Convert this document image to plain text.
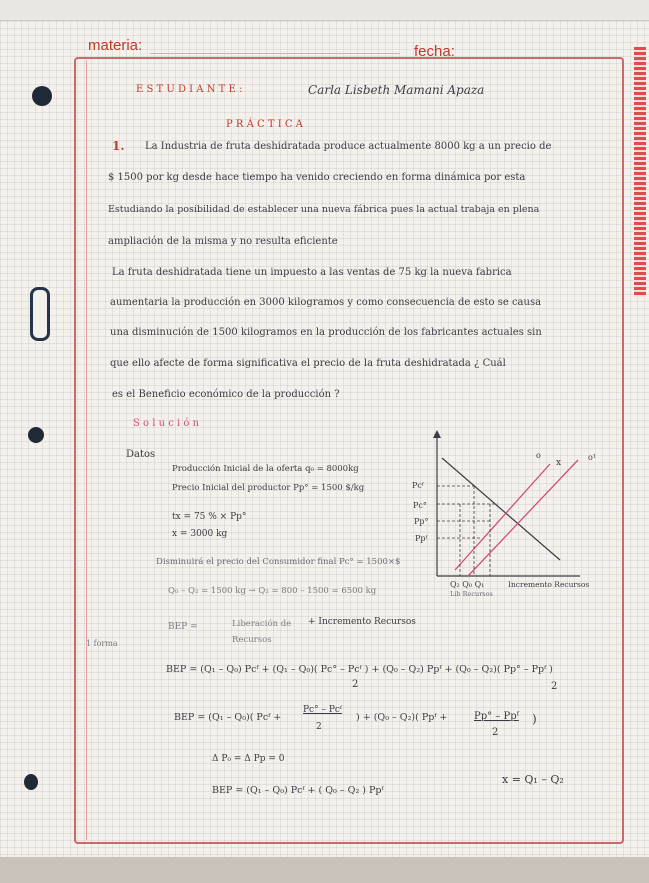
materia:	fecha:
E S T U D I A N T E :	Carla Lisbeth Mamani Apaza
P R Á C T I C A
1. La Industria de fruta deshidratada produce actualmente 8000 kg a un precio de
$ 1500 por kg desde hace tiempo ha venido creciendo en forma dinámica por esta
Estudiando la posibilidad de establecer una nueva fábrica pues la actual trabaja en plena
ampliación de la misma y no resulta eficiente
La fruta deshidratada tiene un impuesto a las ventas de 75 kg la nueva fabrica
aumentaria la producción en 3000 kilogramos y como consecuencia de esto se causa
una disminución de 1500 kilogramos en la producción de los fabricantes actuales sin
que ello afecte de forma significativa el precio de la fruta deshidratada ¿ Cuál
es el Beneficio económico de la producción ?
S o l u c i ó n
Datos
Producción Inicial de la oferta q₀ = 8000kg
Precio Inicial del productor Pp° = 1500 $/kg
tx = 75 % × Pp°
x = 3000 kg
Disminuirá el precio del Consumidor final Pc° = 1500×$
Q₀ – Q₂ = 1500 kg → Q₂ = 800 – 1500 = 6500 kg
BEP =	Liberación de Recursos
+ Incremento Recursos
1 forma
BEP = (Q₁ – Q₀) Pcᶠ + (Q₁ – Q₀)( Pc° – Pcᶠ ) + (Q₀ – Q₂) Ppᶠ + (Q₀ – Q₂)( Pp° – Ppᶠ )
2	2
BEP = (Q₁ – Q₀)( Pcᶠ +
Pc° – Pcᶠ
2
) + (Q₀ – Q₂)( Ppᶠ +	Pp° – Ppᶠ
2
)
Δ P₀ = Δ Pp = 0
x = Q₁ – Q₂
BEP = (Q₁ – Q₀) Pcᶠ + ( Q₀ – Q₂ ) Ppᶠ
Pcᶠ
Pc°
Pp°
Ppᶠ
o
x
o¹
Q₂ Q₀ Q₁	Incremento Recursos
Lib Recursos
